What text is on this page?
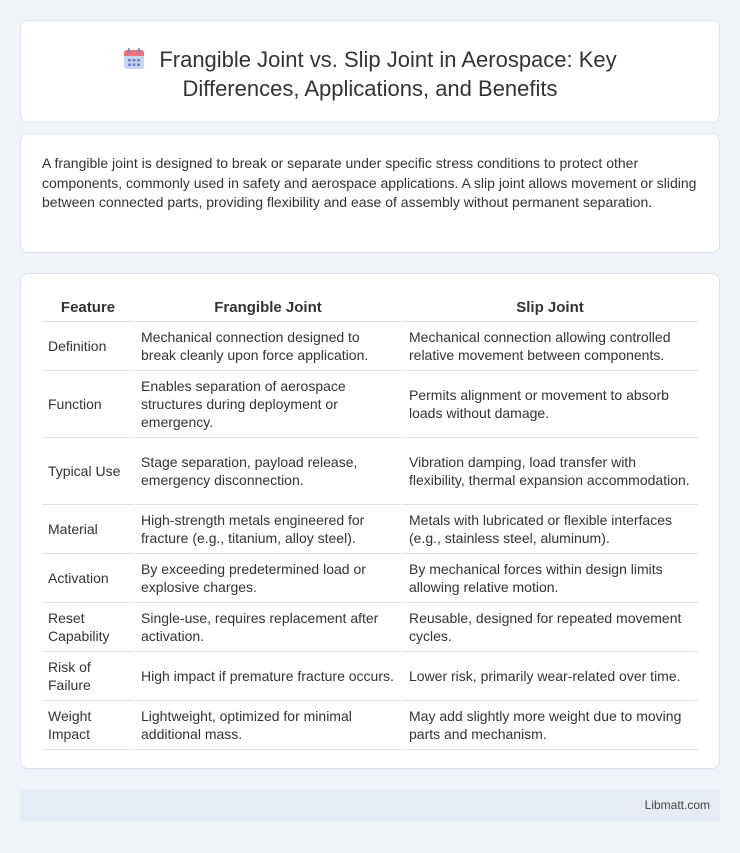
Frangible Joint vs. Slip Joint in Aerospace: Key
Differences, Applications, and Benefits

A frangible joint is designed to break or separate under specific stress conditions to protect other components, commonly used in safety and aerospace applications. A slip joint allows movement or sliding between connected parts, providing flexibility and ease of assembly without permanent separation.

Feature	Frangible Joint	Slip Joint
Definition	Mechanical connection designed to break cleanly upon force application.	Mechanical connection allowing controlled relative movement between components.
Function	Enables separation of aerospace structures during deployment or emergency.	Permits alignment or movement to absorb loads without damage.
Typical Use	Stage separation, payload release, emergency disconnection.	Vibration damping, load transfer with flexibility, thermal expansion accommodation.
Material	High-strength metals engineered for fracture (e.g., titanium, alloy steel).	Metals with lubricated or flexible interfaces (e.g., stainless steel, aluminum).
Activation	By exceeding predetermined load or explosive charges.	By mechanical forces within design limits allowing relative motion.
Reset Capability	Single-use, requires replacement after activation.	Reusable, designed for repeated movement cycles.
Risk of Failure	High impact if premature fracture occurs.	Lower risk, primarily wear-related over time.
Weight Impact	Lightweight, optimized for minimal additional mass.	May add slightly more weight due to moving parts and mechanism.
Libmatt.com
